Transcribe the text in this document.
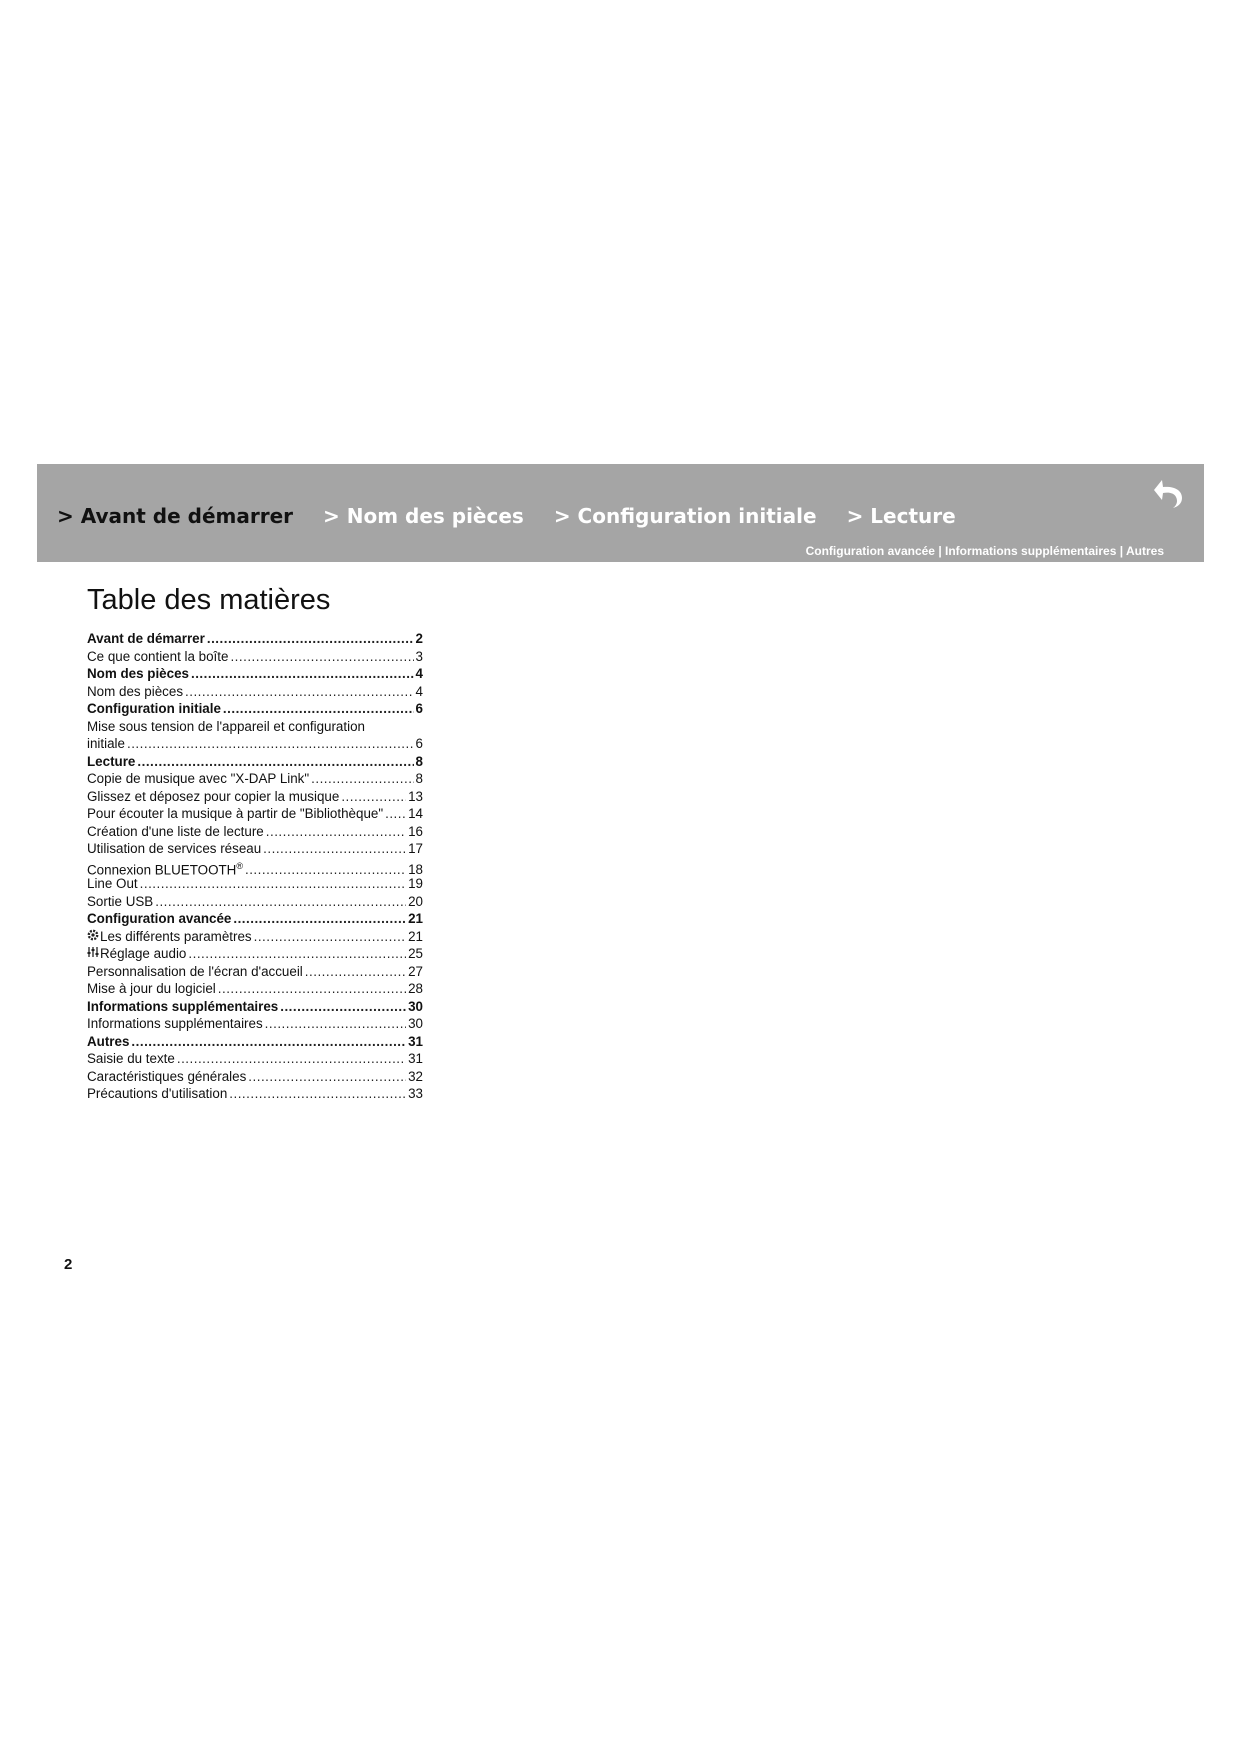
> Avant de démarrer > Nom des pièces > Configuration initiale > Lecture
Configuration avancée | Informations supplémentaires | Autres
Table des matières
Avant de démarrer .....	2
Ce que contient la boîte .....	3
Nom des pièces .....	4
Nom des pièces .....	4
Configuration initiale .....	6
Mise sous tension de l'appareil et configuration
initiale .....	6
Lecture .....	8
Copie de musique avec "X-DAP Link" .....	8
Glissez et déposez pour copier la musique .....	13
Pour écouter la musique à partir de "Bibliothèque" ..... 14
Création d'une liste de lecture .....	16
Utilisation de services réseau .....	17
Connexion BLUETOOTH® .....	18
Line Out .....	19
Sortie USB .....	20
Configuration avancée .....	21
Les différents paramètres .....	21
Réglage audio .....	25
Personnalisation de l'écran d'accueil .....	27
Mise à jour du logiciel .....	28
Informations supplémentaires .....	30
Informations supplémentaires .....	30
Autres .....	31
Saisie du texte .....	31
Caractéristiques générales .....	32
Précautions d'utilisation .....	33
2
